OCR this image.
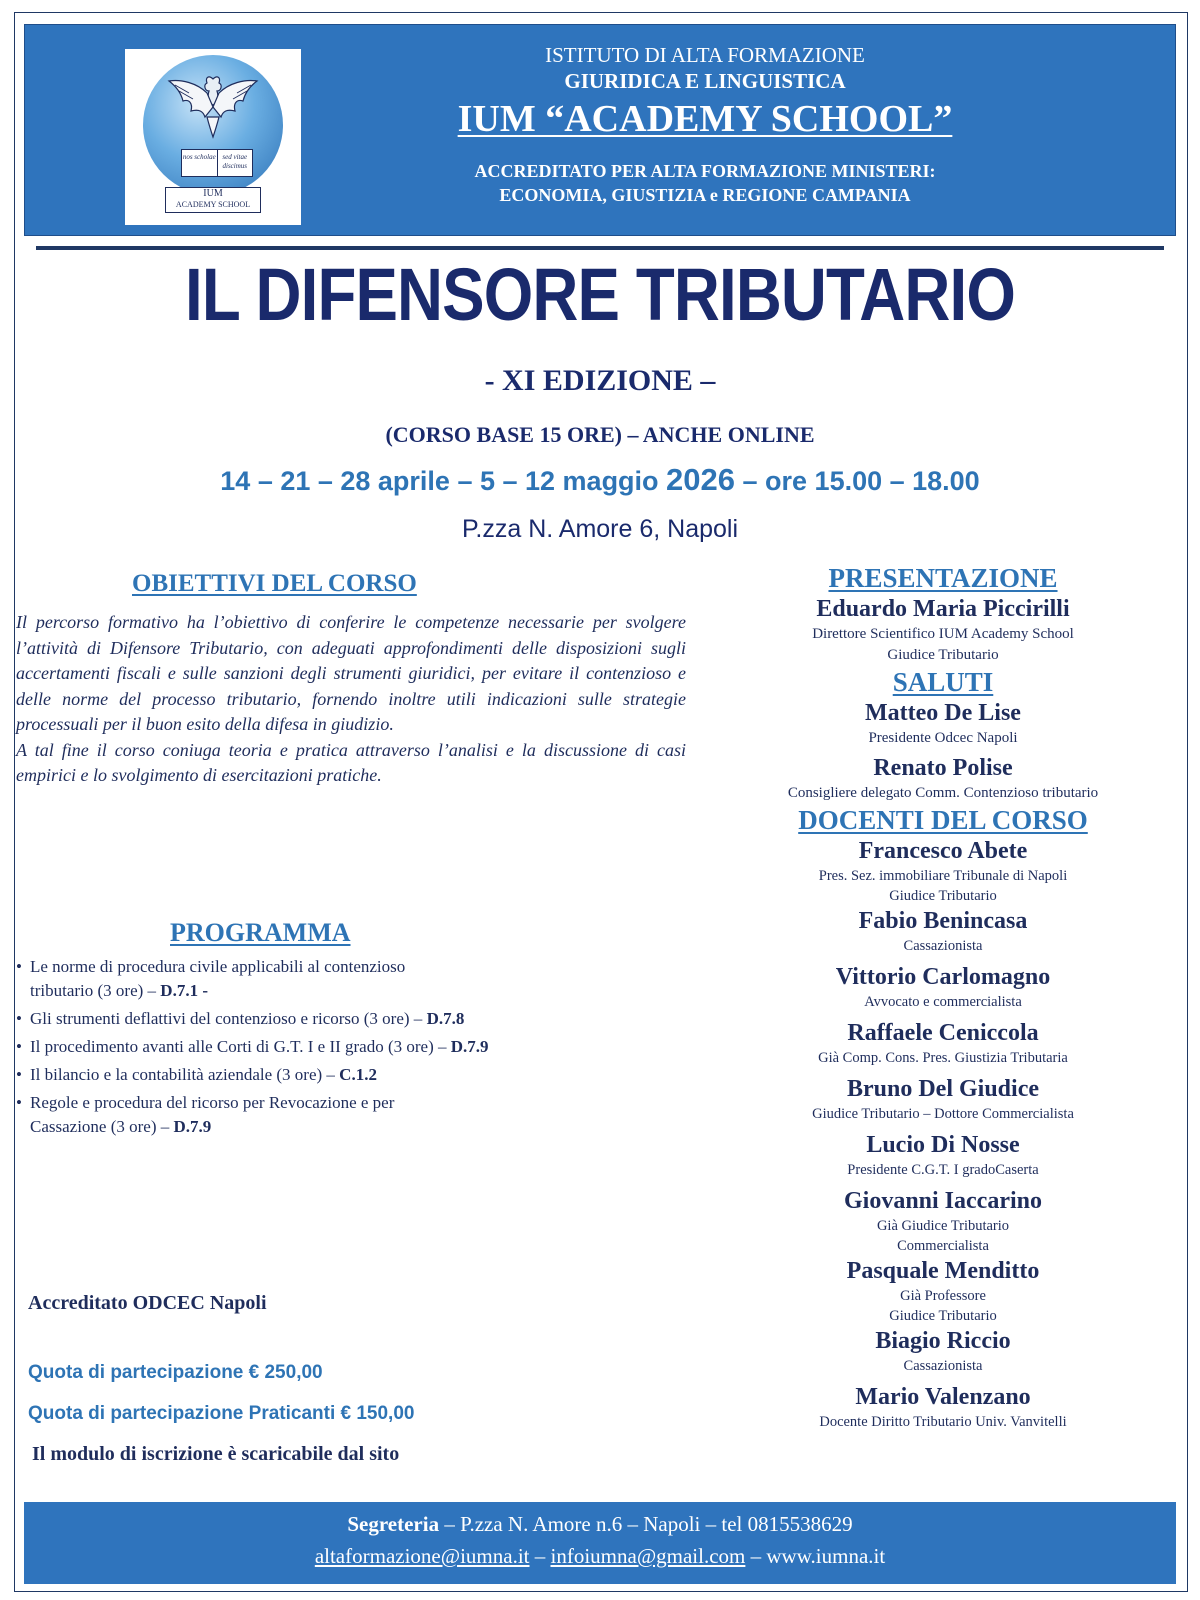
nos scholae sed vitae discimus
IUM
ACADEMY SCHOOL
ISTITUTO DI ALTA FORMAZIONE
GIURIDICA E LINGUISTICA
IUM “ACADEMY SCHOOL”
ACCREDITATO PER ALTA FORMAZIONE MINISTERI:
ECONOMIA, GIUSTIZIA e REGIONE CAMPANIA
IL DIFENSORE TRIBUTARIO
- XI EDIZIONE –
(CORSO BASE 15 ORE) – ANCHE ONLINE
14 – 21 – 28 aprile – 5 – 12 maggio 2026 – ore 15.00 – 18.00
P.zza N. Amore 6, Napoli
OBIETTIVI DEL CORSO

Il percorso formativo ha l’obiettivo di conferire le competenze necessarie per svolgere l’attività di Difensore Tributario, con adeguati approfondimenti delle disposizioni sugli accertamenti fiscali e sulle sanzioni degli strumenti giuridici, per evitare il contenzioso e delle norme del processo tributario, fornendo inoltre utili indicazioni sulle strategie processuali per il buon esito della difesa in giudizio.

A tal fine il corso coniuga teoria e pratica attraverso l’analisi e la discussione di casi empirici e lo svolgimento di esercitazioni pratiche.

PROGRAMMA
• Le norme di procedura civile applicabili al contenzioso
tributario (3 ore) – D.7.1 -
• Gli strumenti deflattivi del contenzioso e ricorso (3 ore) – D.7.8
• Il procedimento avanti alle Corti di G.T. I e II grado (3 ore) – D.7.9
• Il bilancio e la contabilità aziendale (3 ore) – C.1.2
• Regole e procedura del ricorso per Revocazione e per
Cassazione (3 ore) – D.7.9
Accreditato ODCEC Napoli
Quota di partecipazione € 250,00
Quota di partecipazione Praticanti € 150,00
Il modulo di iscrizione è scaricabile dal sito
PRESENTAZIONE
Eduardo Maria Piccirilli
Direttore Scientifico IUM Academy School
Giudice Tributario
SALUTI
Matteo De Lise
Presidente Odcec Napoli
Renato Polise
Consigliere delegato Comm. Contenzioso tributario
DOCENTI DEL CORSO
Francesco Abete
Pres. Sez. immobiliare Tribunale di Napoli
Giudice Tributario
Fabio Benincasa
Cassazionista
Vittorio Carlomagno
Avvocato e commercialista
Raffaele Ceniccola
Già Comp. Cons. Pres. Giustizia Tributaria
Bruno Del Giudice
Giudice Tributario – Dottore Commercialista
Lucio Di Nosse
Presidente C.G.T. I gradoCaserta
Giovanni Iaccarino
Già Giudice Tributario
Commercialista
Pasquale Menditto
Già Professore
Giudice Tributario
Biagio Riccio
Cassazionista
Mario Valenzano
Docente Diritto Tributario Univ. Vanvitelli
Segreteria – P.zza N. Amore n.6 – Napoli – tel 0815538629
altaformazione@iumna.it – infoiumna@gmail.com – www.iumna.it
